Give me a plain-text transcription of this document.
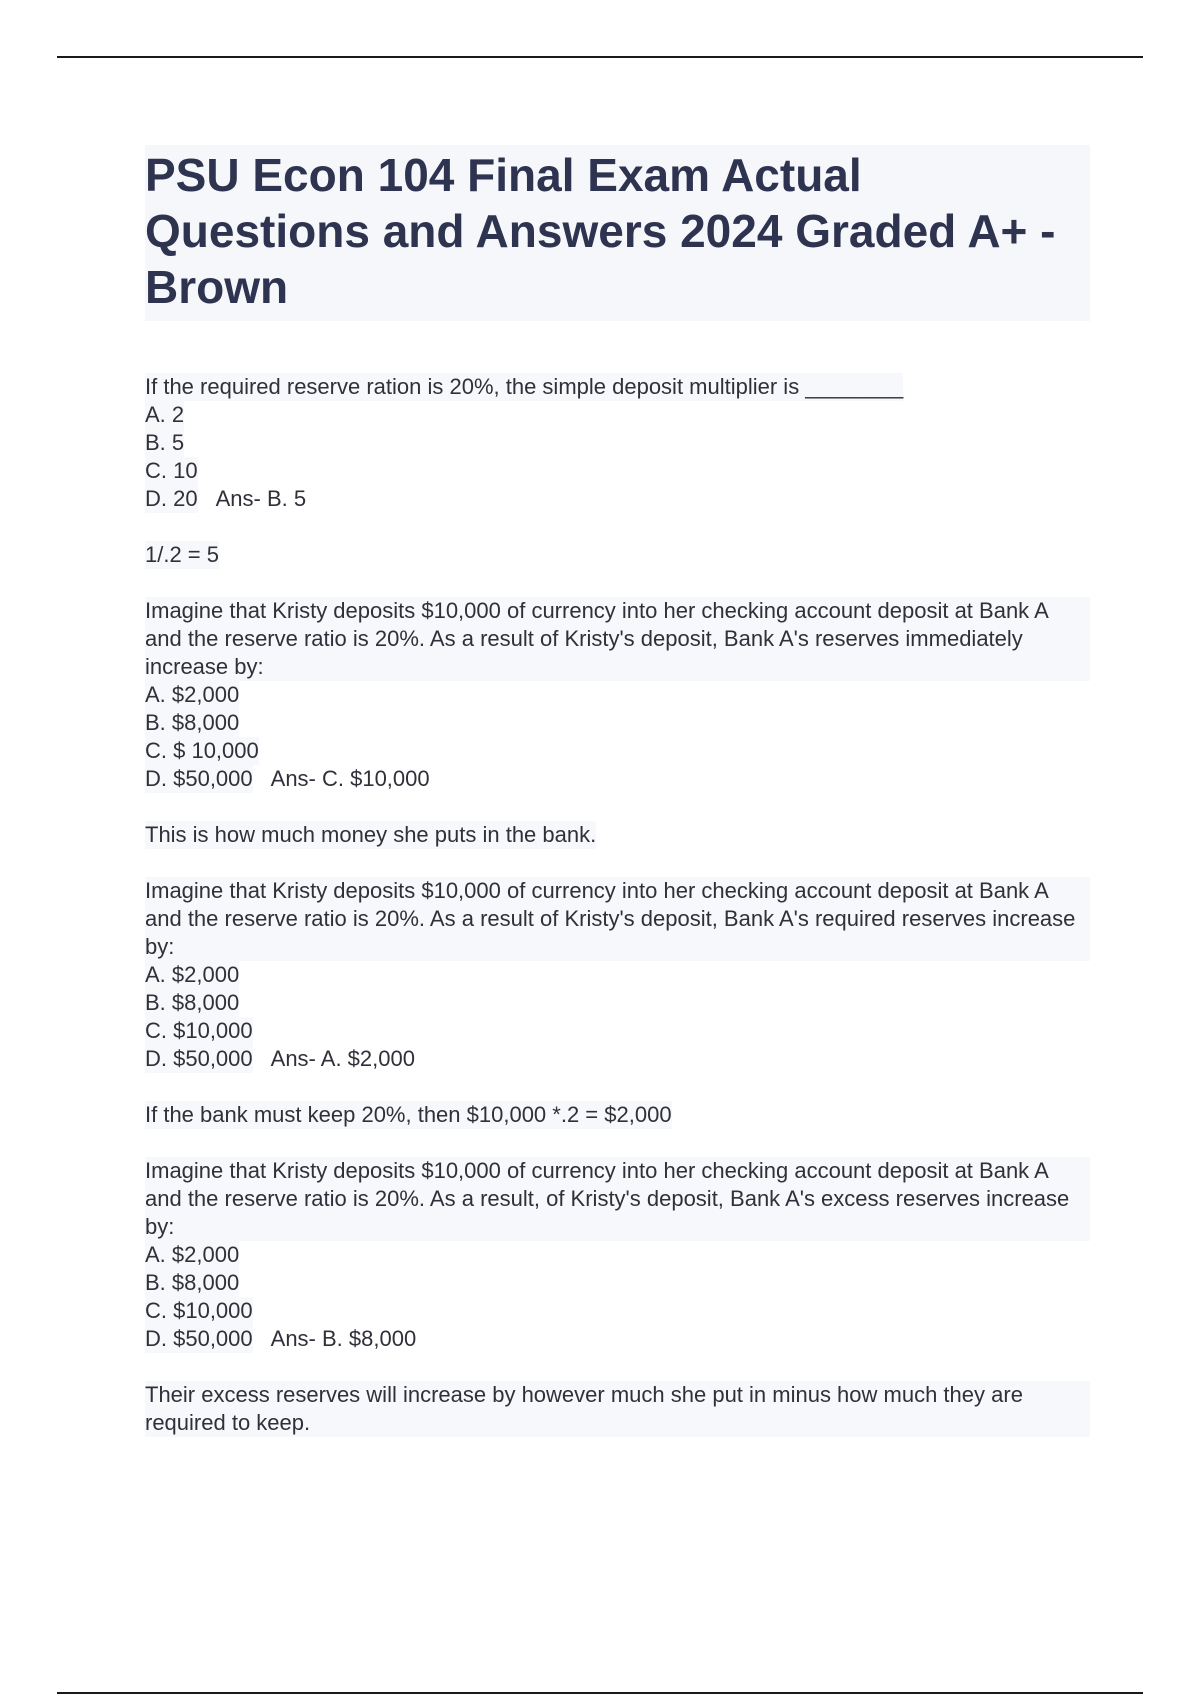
PSU Econ 104 Final Exam Actual Questions and Answers 2024 Graded A+ - Brown
If the required reserve ration is 20%, the simple deposit multiplier is ________
A. 2
B. 5
C. 10
D. 20 Ans- B. 5
1/.2 = 5
Imagine that Kristy deposits $10,000 of currency into her checking account deposit at Bank A and the reserve ratio is 20%. As a result of Kristy's deposit, Bank A's reserves immediately increase by:
A. $2,000
B. $8,000
C. $ 10,000
D. $50,000 Ans- C. $10,000
This is how much money she puts in the bank.
Imagine that Kristy deposits $10,000 of currency into her checking account deposit at Bank A and the reserve ratio is 20%. As a result of Kristy's deposit, Bank A's required reserves increase by:
A. $2,000
B. $8,000
C. $10,000
D. $50,000 Ans- A. $2,000
If the bank must keep 20%, then $10,000 *.2 = $2,000
Imagine that Kristy deposits $10,000 of currency into her checking account deposit at Bank A and the reserve ratio is 20%. As a result, of Kristy's deposit, Bank A's excess reserves increase by:
A. $2,000
B. $8,000
C. $10,000
D. $50,000 Ans- B. $8,000
Their excess reserves will increase by however much she put in minus how much they are required to keep.
